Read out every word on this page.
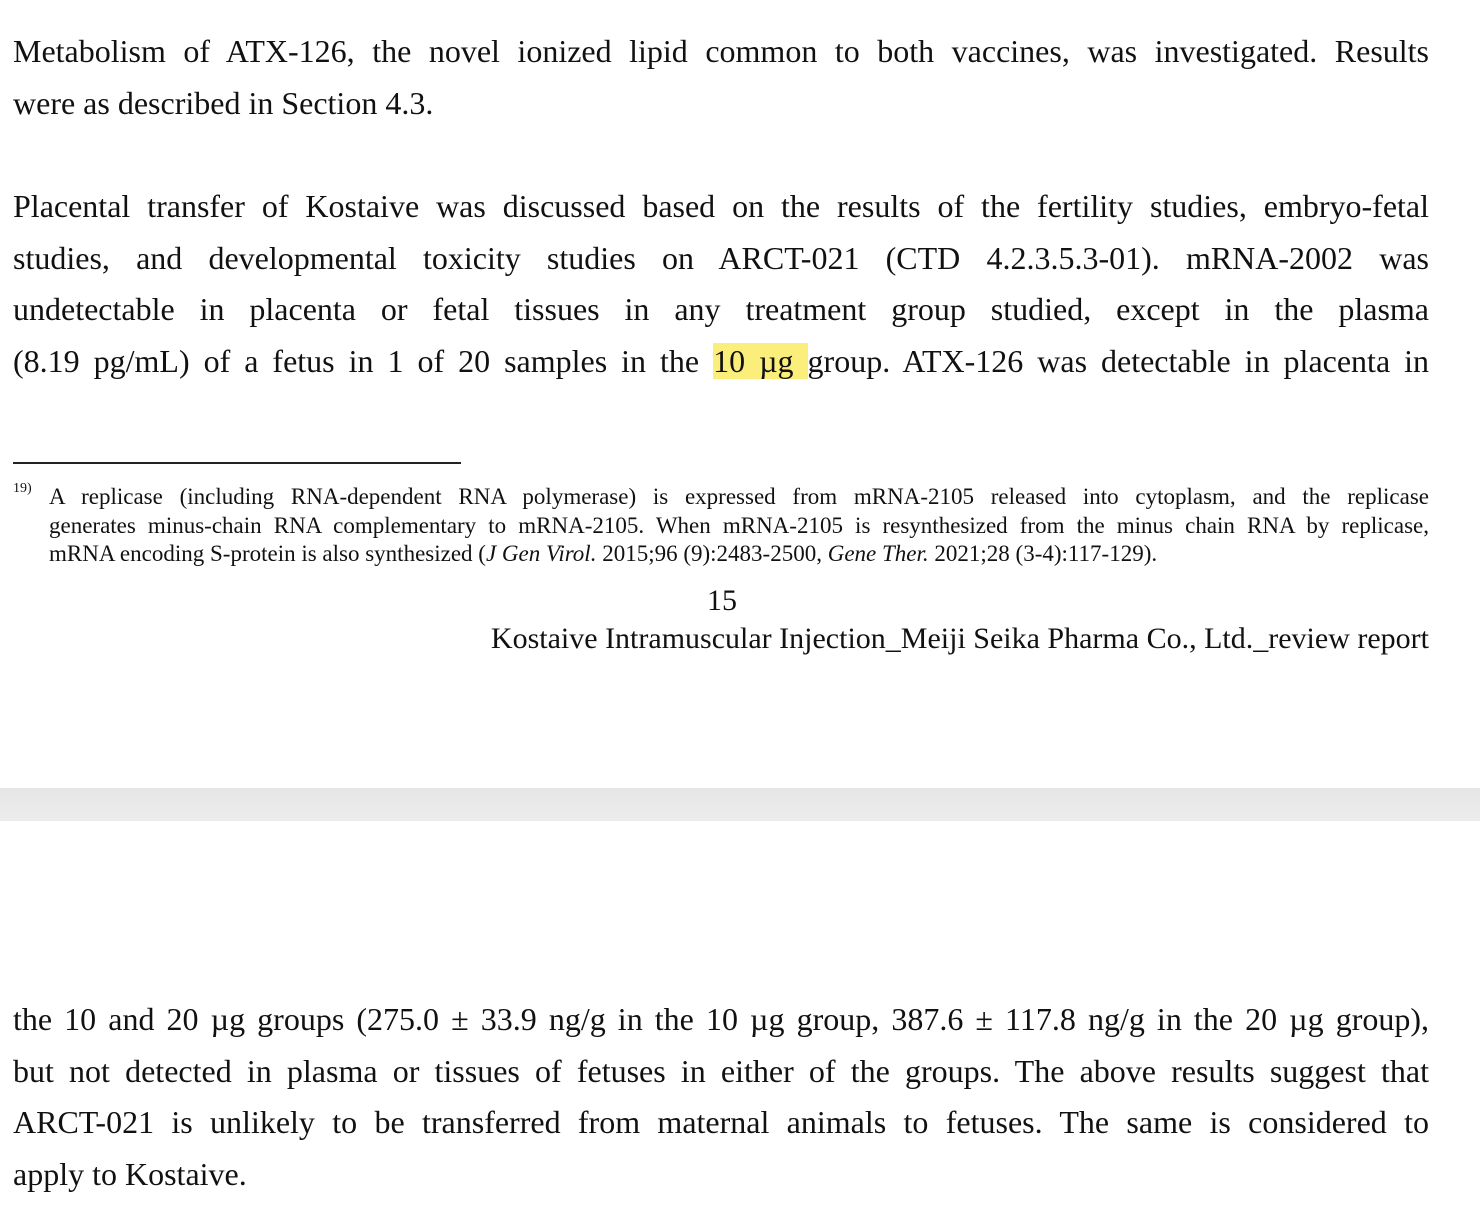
Metabolism of ATX-126, the novel ionized lipid common to both vaccines, was investigated. Results
were as described in Section 4.3.

Placental transfer of Kostaive was discussed based on the results of the fertility studies, embryo-fetal
studies, and developmental toxicity studies on ARCT-021 (CTD 4.2.3.5.3-01). mRNA-2002 was
undetectable in placenta or fetal tissues in any treatment group studied, except in the plasma
(8.19 pg/mL) of a fetus in 1 of 20 samples in the 10 µg group. ATX-126 was detectable in placenta in

19) A replicase (including RNA-dependent RNA polymerase) is expressed from mRNA-2105 released into cytoplasm, and the replicase
generates minus-chain RNA complementary to mRNA-2105. When mRNA-2105 is resynthesized from the minus chain RNA by replicase,
mRNA encoding S-protein is also synthesized (J Gen Virol. 2015;96 (9):2483-2500, Gene Ther. 2021;28 (3-4):117-129).
15
Kostaive Intramuscular Injection_Meiji Seika Pharma Co., Ltd._review report

the 10 and 20 µg groups (275.0 ± 33.9 ng/g in the 10 µg group, 387.6 ± 117.8 ng/g in the 20 µg group),
but not detected in plasma or tissues of fetuses in either of the groups. The above results suggest that
ARCT-021 is unlikely to be transferred from maternal animals to fetuses. The same is considered to
apply to Kostaive.
